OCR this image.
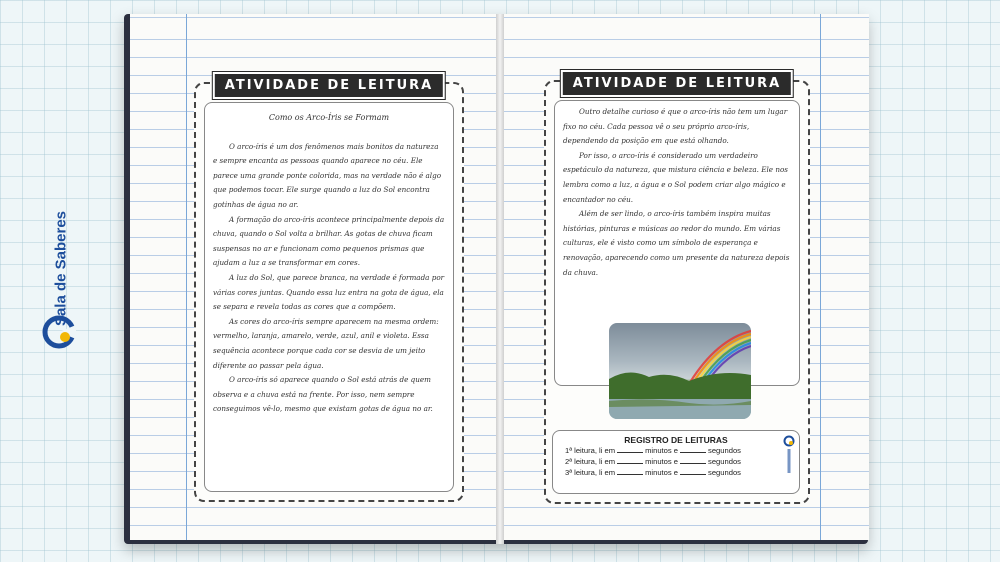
Sala de Saberes
ATIVIDADE DE LEITURA
Como os Arco-Íris se Formam

O arco-íris é um dos fenômenos mais bonitos da natureza e sempre encanta as pessoas quando aparece no céu. Ele parece uma grande ponte colorida, mas na verdade não é algo que podemos tocar. Ele surge quando a luz do Sol encontra gotinhas de água no ar.

A formação do arco-íris acontece principalmente depois da chuva, quando o Sol volta a brilhar. As gotas de chuva ficam suspensas no ar e funcionam como pequenos prismas que ajudam a luz a se transformar em cores.

A luz do Sol, que parece branca, na verdade é formada por várias cores juntas. Quando essa luz entra na gota de água, ela se separa e revela todas as cores que a compõem.

As cores do arco-íris sempre aparecem na mesma ordem: vermelho, laranja, amarelo, verde, azul, anil e violeta. Essa sequência acontece porque cada cor se desvia de um jeito diferente ao passar pela água.

O arco-íris só aparece quando o Sol está atrás de quem observa e a chuva está na frente. Por isso, nem sempre conseguimos vê-lo, mesmo que existam gotas de água no ar.

ATIVIDADE DE LEITURA

Outro detalhe curioso é que o arco-íris não tem um lugar fixo no céu. Cada pessoa vê o seu próprio arco-íris, dependendo da posição em que está olhando.

Por isso, o arco-íris é considerado um verdadeiro espetáculo da natureza, que mistura ciência e beleza. Ele nos lembra como a luz, a água e o Sol podem criar algo mágico e encantador no céu.

Além de ser lindo, o arco-íris também inspira muitas histórias, pinturas e músicas ao redor do mundo. Em várias culturas, ele é visto como um símbolo de esperança e renovação, aparecendo como um presente da natureza depois da chuva.

REGISTRO DE LEITURAS
1ª leitura, li em	minutos e	segundos
2ª leitura, li em	minutos e	segundos
3ª leitura, li em	minutos e	segundos
